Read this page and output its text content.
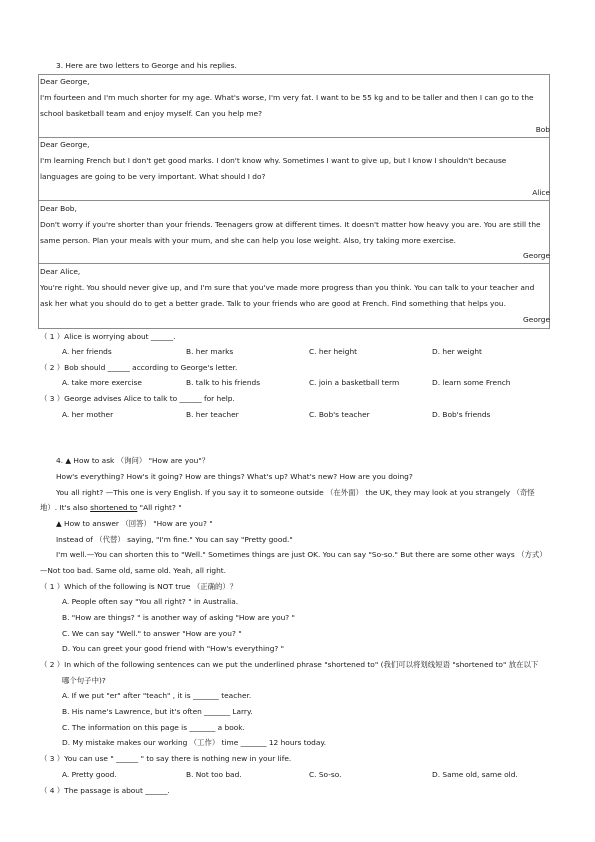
3. Here are two letters to George and his replies.
Dear George,
I'm fourteen and I'm much shorter for my age. What's worse, I'm very fat. I want to be 55 kg and to be taller and then I can go to the
school basketball team and enjoy myself. Can you help me?
Bob
Dear George,
I'm learning French but I don't get good marks. I don't know why. Sometimes I want to give up, but I know I shouldn't because
languages are going to be very important. What should I do?
Alice
Dear Bob,
Don't worry if you're shorter than your friends. Teenagers grow at different times. It doesn't matter how heavy you are. You are still the
same person. Plan your meals with your mum, and she can help you lose weight. Also, try taking more exercise.
George
Dear Alice,
You're right. You should never give up, and I'm sure that you've made more progress than you think. You can talk to your teacher and
ask her what you should do to get a better grade. Talk to your friends who are good at French. Find something that helps you.
George
（ 1 ）Alice is worrying about ______.
A. her friends	B. her marks	C. her height	D. her weight
（ 2 ）Bob should ______ according to George's letter.
A. take more exercise	B. talk to his friends	C. join a basketball term	D. learn some French
（ 3 ）George advises Alice to talk to ______ for help.
A. her mother	B. her teacher	C. Bob's teacher	D. Bob's friends
4. ▲ How to ask （询问） "How are you"？
How's everything? How's it going? How are things? What's up? What's new? How are you doing?
You all right? —This one is very English. If you say it to someone outside （在外面） the UK, they may look at you strangely （奇怪
地）. It's also shortened to "All right? "
▲ How to answer （回答） "How are you? "
Instead of （代替） saying, "I'm fine." You can say "Pretty good."
I'm well.—You can shorten this to "Well." Sometimes things are just OK. You can say "So-so." But there are some other ways （方式）
—Not too bad. Same old, same old. Yeah, all right.
（ 1 ）Which of the following is NOT true （正确的）？
A. People often say "You all right? " in Australia.
B. "How are things? " is another way of asking "How are you? "
C. We can say "Well." to answer "How are you? "
D. You can greet your good friend with "How's everything? "
（ 2 ）In which of the following sentences can we put the underlined phrase "shortened to" (我们可以将划线短语 "shortened to" 放在以下
哪个句子中)?
A. If we put "er" after "teach" , it is _______ teacher.
B. His name's Lawrence, but it's often _______ Larry.
C. The information on this page is _______ a book.
D. My mistake makes our working （工作） time _______ 12 hours today.
（ 3 ）You can use " ______ " to say there is nothing new in your life.
A. Pretty good.	B. Not too bad.	C. So-so.	D. Same old, same old.
（ 4 ）The passage is about ______.
